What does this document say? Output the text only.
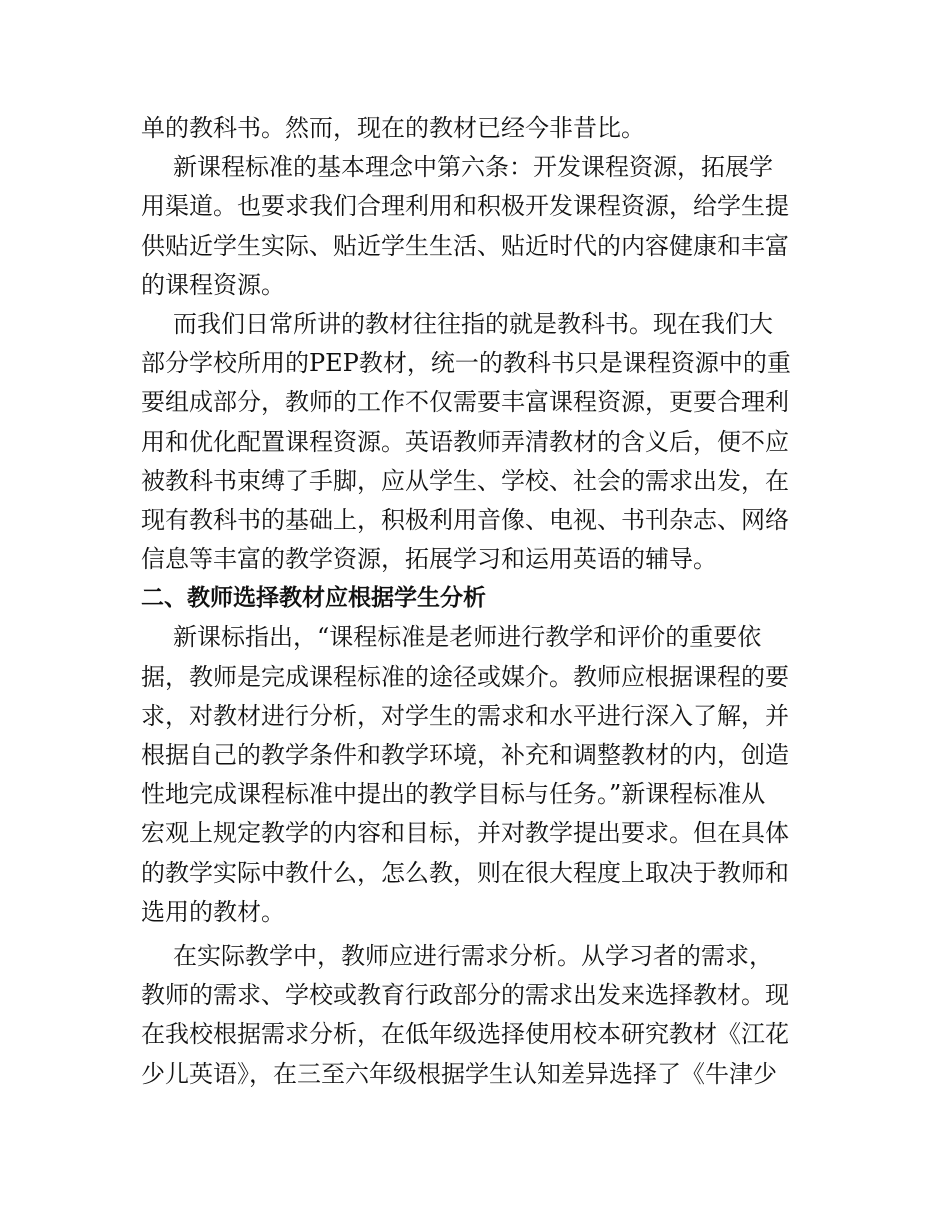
单的教科书。然而，现在的教材已经今非昔比。
新课程标准的基本理念中第六条：开发课程资源，拓展学
用渠道。也要求我们合理利用和积极开发课程资源，给学生提
供贴近学生实际、贴近学生生活、贴近时代的内容健康和丰富
的课程资源。
而我们日常所讲的教材往往指的就是教科书。现在我们大
部分学校所用的PEP教材，统一的教科书只是课程资源中的重
要组成部分，教师的工作不仅需要丰富课程资源，更要合理利
用和优化配置课程资源。英语教师弄清教材的含义后，便不应
被教科书束缚了手脚，应从学生、学校、社会的需求出发，在
现有教科书的基础上，积极利用音像、电视、书刊杂志、网络
信息等丰富的教学资源，拓展学习和运用英语的辅导。
二、教师选择教材应根据学生分析
新课标指出，“课程标准是老师进行教学和评价的重要依
据，教师是完成课程标准的途径或媒介。教师应根据课程的要
求，对教材进行分析，对学生的需求和水平进行深入了解，并
根据自己的教学条件和教学环境，补充和调整教材的内，创造
性地完成课程标准中提出的教学目标与任务。”新课程标准从
宏观上规定教学的内容和目标，并对教学提出要求。但在具体
的教学实际中教什么，怎么教，则在很大程度上取决于教师和
选用的教材。
在实际教学中，教师应进行需求分析。从学习者的需求，
教师的需求、学校或教育行政部分的需求出发来选择教材。现
在我校根据需求分析，在低年级选择使用校本研究教材《江花
少儿英语》，在三至六年级根据学生认知差异选择了《牛津少
